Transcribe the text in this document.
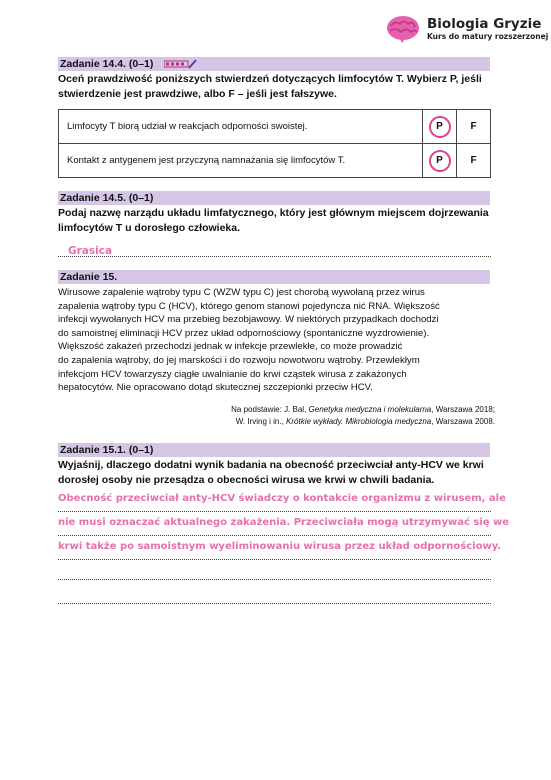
Biologia Gryzie
Kurs do matury rozszerzonej
Zadanie 14.4. (0–1)
Oceń prawdziwość poniższych stwierdzeń dotyczących limfocytów T. Wybierz P, jeśli
stwierdzenie jest prawdziwe, albo F – jeśli jest fałszywe.
Limfocyty T biorą udział w reakcjach odporności swoistej.	P	F
Kontakt z antygenem jest przyczyną namnażania się limfocytów T.	P	F
Zadanie 14.5. (0–1)
Podaj nazwę narządu układu limfatycznego, który jest głównym miejscem dojrzewania
limfocytów T u dorosłego człowieka.
Grasica
Zadanie 15.
Wirusowe zapalenie wątroby typu C (WZW typu C) jest chorobą wywołaną przez wirus
zapalenia wątroby typu C (HCV), którego genom stanowi pojedyncza nić RNA. Większość
infekcji wywołanych HCV ma przebieg bezobjawowy. W niektórych przypadkach dochodzi
do samoistnej eliminacji HCV przez układ odpornościowy (spontaniczne wyzdrowienie).
Większość zakażeń przechodzi jednak w infekcje przewlekłe, co może prowadzić
do zapalenia wątroby, do jej marskości i do rozwoju nowotworu wątroby. Przewlekłym
infekcjom HCV towarzyszy ciągłe uwalnianie do krwi cząstek wirusa z zakażonych
hepatocytów. Nie opracowano dotąd skutecznej szczepionki przeciw HCV.
Na podstawie: J. Bal, Genetyka medyczna i molekularna, Warszawa 2018;
W. Irving i in., Krótkie wykłady. Mikrobiologia medyczna, Warszawa 2008.
Zadanie 15.1. (0–1)
Wyjaśnij, dlaczego dodatni wynik badania na obecność przeciwciał anty-HCV we krwi
dorosłej osoby nie przesądza o obecności wirusa we krwi w chwili badania.
Obecność przeciwciał anty-HCV świadczy o kontakcie organizmu z wirusem, ale
nie musi oznaczać aktualnego zakażenia. Przeciwciała mogą utrzymywać się we
krwi także po samoistnym wyeliminowaniu wirusa przez układ odpornościowy.
